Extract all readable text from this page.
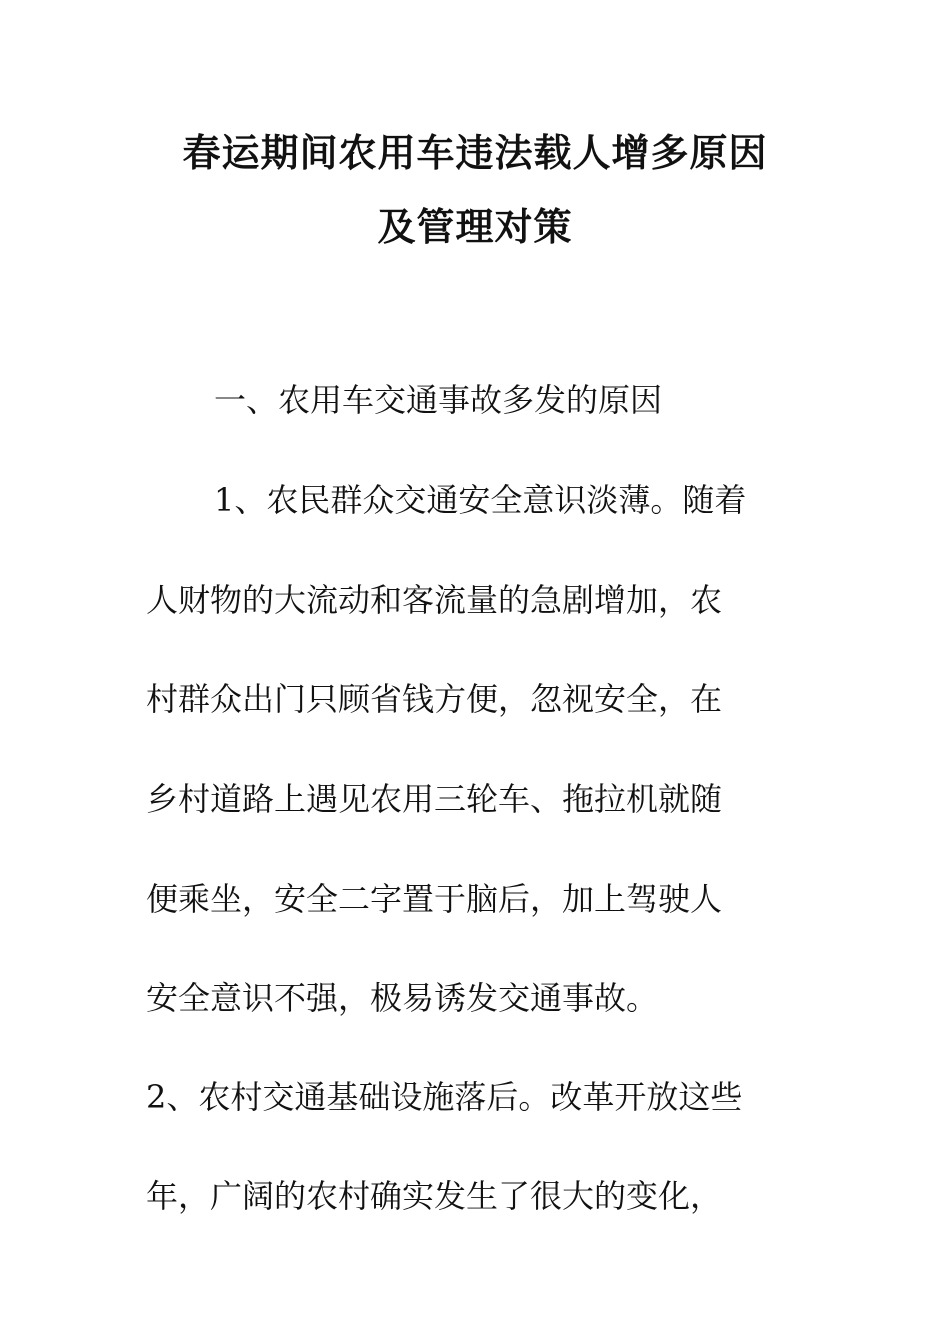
春运期间农用车违法载人增多原因
及管理对策

一、农用车交通事故多发的原因

1、农民群众交通安全意识淡薄。随着

人财物的大流动和客流量的急剧增加，农

村群众出门只顾省钱方便，忽视安全，在

乡村道路上遇见农用三轮车、拖拉机就随

便乘坐，安全二字置于脑后，加上驾驶人

安全意识不强，极易诱发交通事故。

2、农村交通基础设施落后。改革开放这些

年，广阔的农村确实发生了很大的变化，
